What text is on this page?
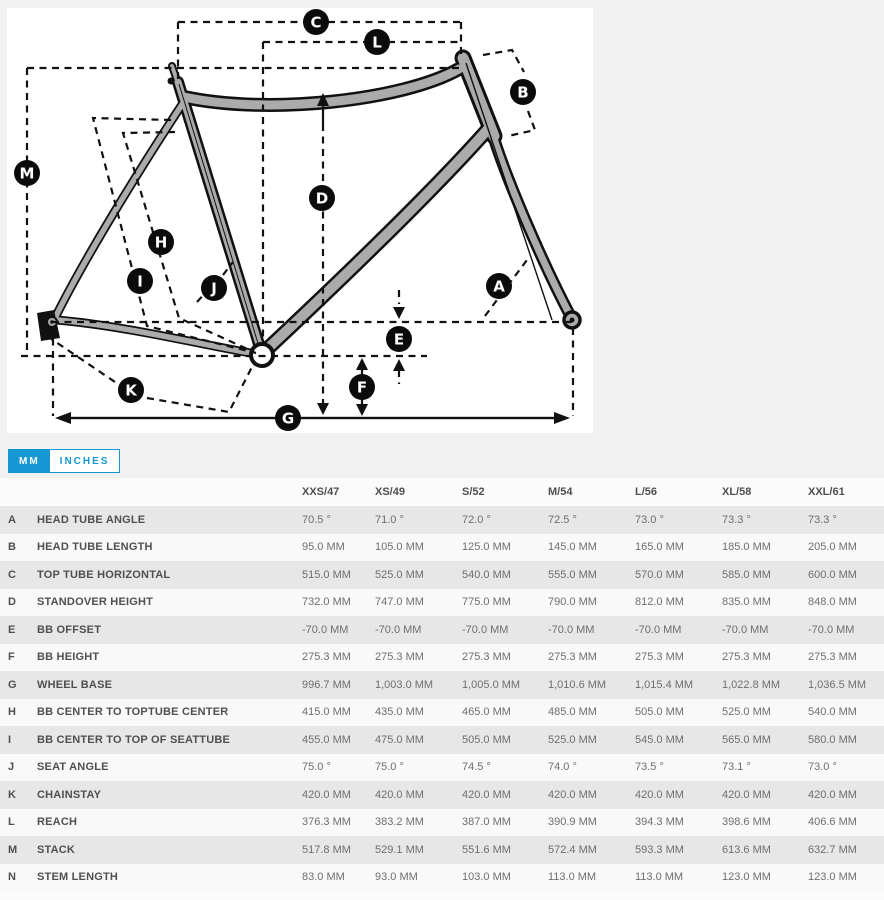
A
B
C
D
E
F
G
H
I	J
K
L
M
MM	INCHES
XXS/47	XS/49	S/52	M/54	L/56	XL/58	XXL/61
A	HEAD TUBE ANGLE	70.5 °	71.0 °	72.0 °	72.5 °	73.0 °	73.3 °	73.3 °
B	HEAD TUBE LENGTH	95.0 MM	105.0 MM	125.0 MM	145.0 MM	165.0 MM	185.0 MM	205.0 MM
C	TOP TUBE HORIZONTAL	515.0 MM	525.0 MM	540.0 MM	555.0 MM	570.0 MM	585.0 MM	600.0 MM
D	STANDOVER HEIGHT	732.0 MM	747.0 MM	775.0 MM	790.0 MM	812.0 MM	835.0 MM	848.0 MM
E	BB OFFSET	-70.0 MM	-70.0 MM	-70.0 MM	-70.0 MM	-70.0 MM	-70.0 MM	-70.0 MM
F	BB HEIGHT	275.3 MM	275.3 MM	275.3 MM	275.3 MM	275.3 MM	275.3 MM	275.3 MM
G	WHEEL BASE	996.7 MM	1,003.0 MM	1,005.0 MM	1,010.6 MM	1,015.4 MM	1,022.8 MM	1,036.5 MM
H	BB CENTER TO TOPTUBE CENTER	415.0 MM	435.0 MM	465.0 MM	485.0 MM	505.0 MM	525.0 MM	540.0 MM
I	BB CENTER TO TOP OF SEATTUBE	455.0 MM	475.0 MM	505.0 MM	525.0 MM	545.0 MM	565.0 MM	580.0 MM
J	SEAT ANGLE	75.0 °	75.0 °	74.5 °	74.0 °	73.5 °	73.1 °	73.0 °
K	CHAINSTAY	420.0 MM	420.0 MM	420.0 MM	420.0 MM	420.0 MM	420.0 MM	420.0 MM
L	REACH	376.3 MM	383.2 MM	387.0 MM	390.9 MM	394.3 MM	398.6 MM	406.6 MM
M	STACK	517.8 MM	529.1 MM	551.6 MM	572.4 MM	593.3 MM	613.6 MM	632.7 MM
N	STEM LENGTH	83.0 MM	93.0 MM	103.0 MM	113.0 MM	113.0 MM	123.0 MM	123.0 MM
